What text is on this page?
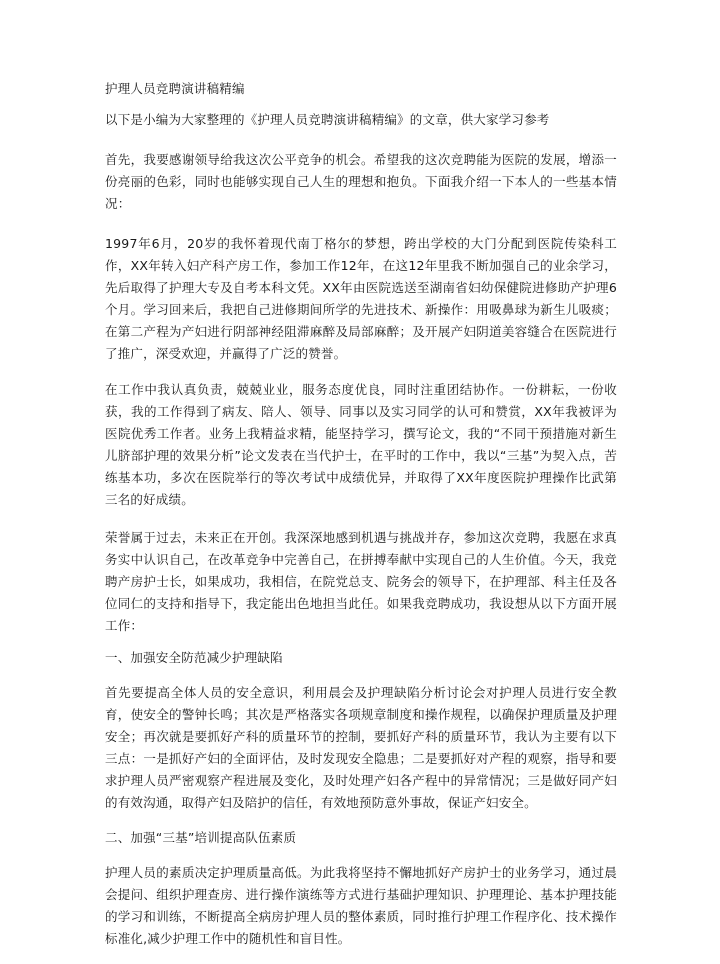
护理人员竞聘演讲稿精编
以下是小编为大家整理的《护理人员竞聘演讲稿精编》的文章，供大家学习参考

首先，我要感谢领导给我这次公平竞争的机会。希望我的这次竞聘能为医院的发展，增添一份亮丽的色彩，同时也能够实现自己人生的理想和抱负。下面我介绍一下本人的一些基本情况：

1997年6月，20岁的我怀着现代南丁格尔的梦想，跨出学校的大门分配到医院传染科工作，XX年转入妇产科产房工作，参加工作12年，在这12年里我不断加强自己的业余学习，先后取得了护理大专及自考本科文凭。XX年由医院选送至湖南省妇幼保健院进修助产护理6个月。学习回来后，我把自己进修期间所学的先进技术、新操作：用吸鼻球为新生儿吸痰；在第二产程为产妇进行阴部神经阻滞麻醉及局部麻醉；及开展产妇阴道美容缝合在医院进行了推广，深受欢迎，并赢得了广泛的赞誉。

在工作中我认真负责，兢兢业业，服务态度优良，同时注重团结协作。一份耕耘，一份收获，我的工作得到了病友、陪人、领导、同事以及实习同学的认可和赞赏，XX年我被评为医院优秀工作者。业务上我精益求精，能坚持学习，撰写论文，我的“不同干预措施对新生儿脐部护理的效果分析”论文发表在当代护士，在平时的工作中，我以“三基”为契入点，苦练基本功，多次在医院举行的等次考试中成绩优异，并取得了XX年度医院护理操作比武第三名的好成绩。

荣誉属于过去，未来正在开创。我深深地感到机遇与挑战并存，参加这次竞聘，我愿在求真务实中认识自己，在改革竞争中完善自己，在拼搏奉献中实现自己的人生价值。今天，我竞聘产房护士长，如果成功，我相信，在院党总支、院务会的领导下，在护理部、科主任及各位同仁的支持和指导下，我定能出色地担当此任。如果我竞聘成功，我设想从以下方面开展工作：

一、加强安全防范减少护理缺陷

首先要提高全体人员的安全意识，利用晨会及护理缺陷分析讨论会对护理人员进行安全教育，使安全的警钟长鸣；其次是严格落实各项规章制度和操作规程，以确保护理质量及护理安全；再次就是要抓好产科的质量环节的控制，要抓好产科的质量环节，我认为主要有以下三点：一是抓好产妇的全面评估，及时发现安全隐患；二是要抓好对产程的观察，指导和要求护理人员严密观察产程进展及变化，及时处理产妇各产程中的异常情况；三是做好同产妇的有效沟通，取得产妇及陪护的信任，有效地预防意外事故，保证产妇安全。

二、加强“三基”培训提高队伍素质

护理人员的素质决定护理质量高低。为此我将坚持不懈地抓好产房护士的业务学习，通过晨会提问、组织护理查房、进行操作演练等方式进行基础护理知识、护理理论、基本护理技能的学习和训练，不断提高全病房护理人员的整体素质，同时推行护理工作程序化、技术操作标准化,减少护理工作中的随机性和盲目性。
